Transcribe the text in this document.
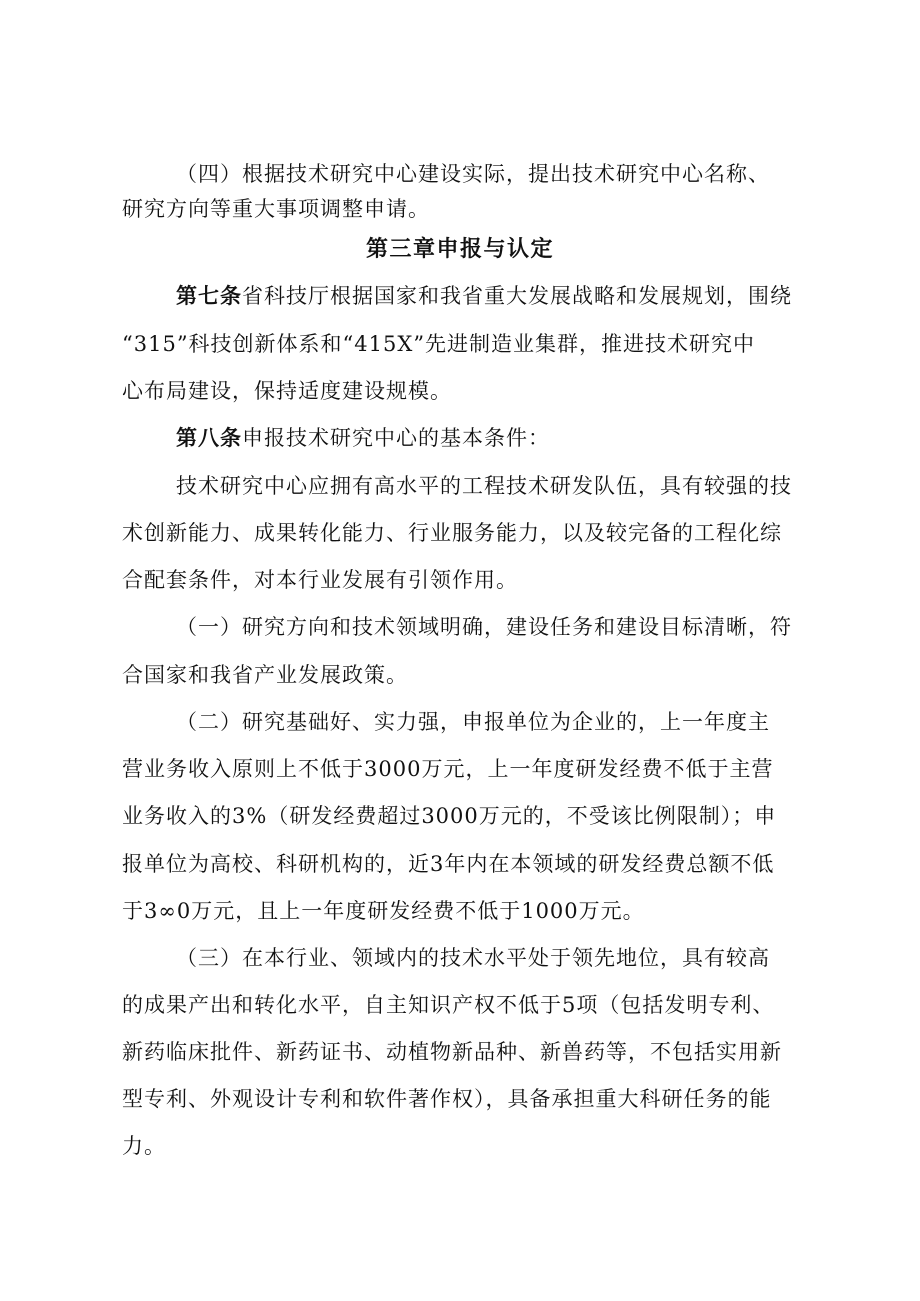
（四）根据技术研究中心建设实际，提出技术研究中心名称、
研究方向等重大事项调整申请。
第三章申报与认定
第七条省科技厅根据国家和我省重大发展战略和发展规划，围绕
“315”科技创新体系和“415X”先进制造业集群，推进技术研究中
心布局建设，保持适度建设规模。
第八条申报技术研究中心的基本条件：
技术研究中心应拥有高水平的工程技术研发队伍，具有较强的技
术创新能力、成果转化能力、行业服务能力，以及较完备的工程化综
合配套条件，对本行业发展有引领作用。
（一）研究方向和技术领域明确，建设任务和建设目标清晰，符
合国家和我省产业发展政策。
（二）研究基础好、实力强，申报单位为企业的，上一年度主
营业务收入原则上不低于3000万元，上一年度研发经费不低于主营
业务收入的3%（研发经费超过3000万元的，不受该比例限制）；申
报单位为高校、科研机构的，近3年内在本领域的研发经费总额不低
于3∞0万元，且上一年度研发经费不低于1000万元。
（三）在本行业、领域内的技术水平处于领先地位，具有较高
的成果产出和转化水平，自主知识产权不低于5项（包括发明专利、
新药临床批件、新药证书、动植物新品种、新兽药等，不包括实用新
型专利、外观设计专利和软件著作权），具备承担重大科研任务的能
力。
